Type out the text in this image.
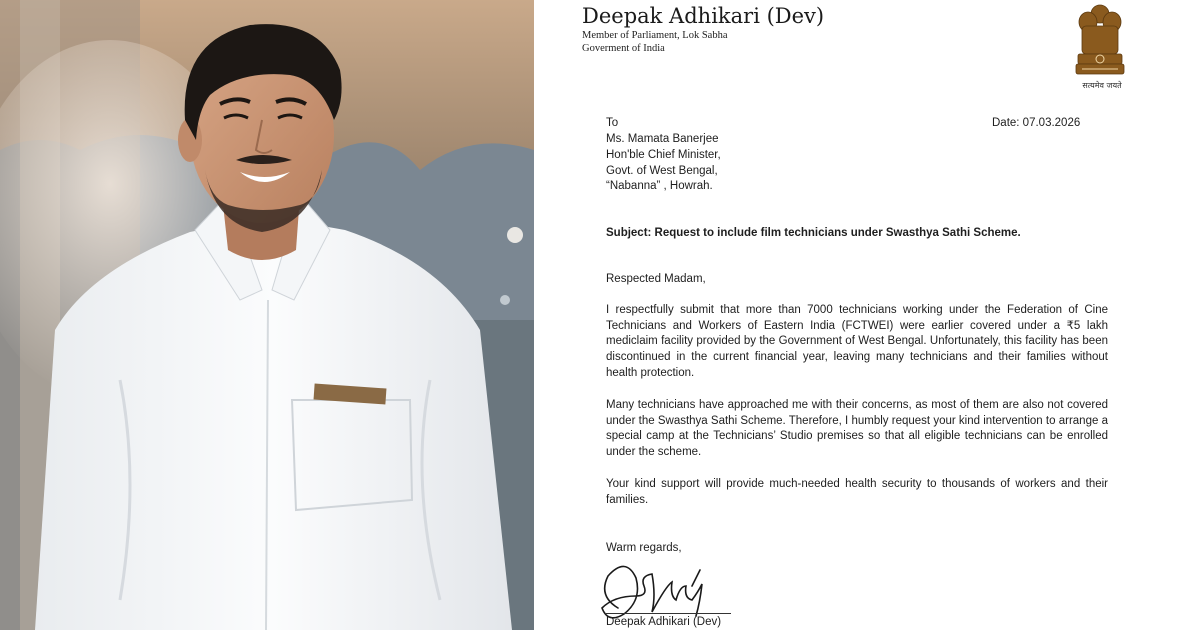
Deepak Adhikari (Dev)
Member of Parliament, Lok Sabha
Goverment of India
सत्यमेव जयते
To	Date: 07.03.2026
Ms. Mamata Banerjee
Hon'ble Chief Minister,
Govt. of West Bengal,
“Nabanna” , Howrah.
Subject: Request to include film technicians under Swasthya Sathi Scheme.
Respected Madam,
I respectfully submit that more than 7000 technicians working under the Federation of Cine Technicians and Workers of Eastern India (FCTWEI) were earlier covered under a ₹5 lakh mediclaim facility provided by the Government of West Bengal. Unfortunately, this facility has been discontinued in the current financial year, leaving many technicians and their families without health protection.
Many technicians have approached me with their concerns, as most of them are also not covered under the Swasthya Sathi Scheme. Therefore, I humbly request your kind intervention to arrange a special camp at the Technicians’ Studio premises so that all eligible technicians can be enrolled under the scheme.
Your kind support will provide much-needed health security to thousands of workers and their families.
Warm regards,
Deepak Adhikari (Dev)
